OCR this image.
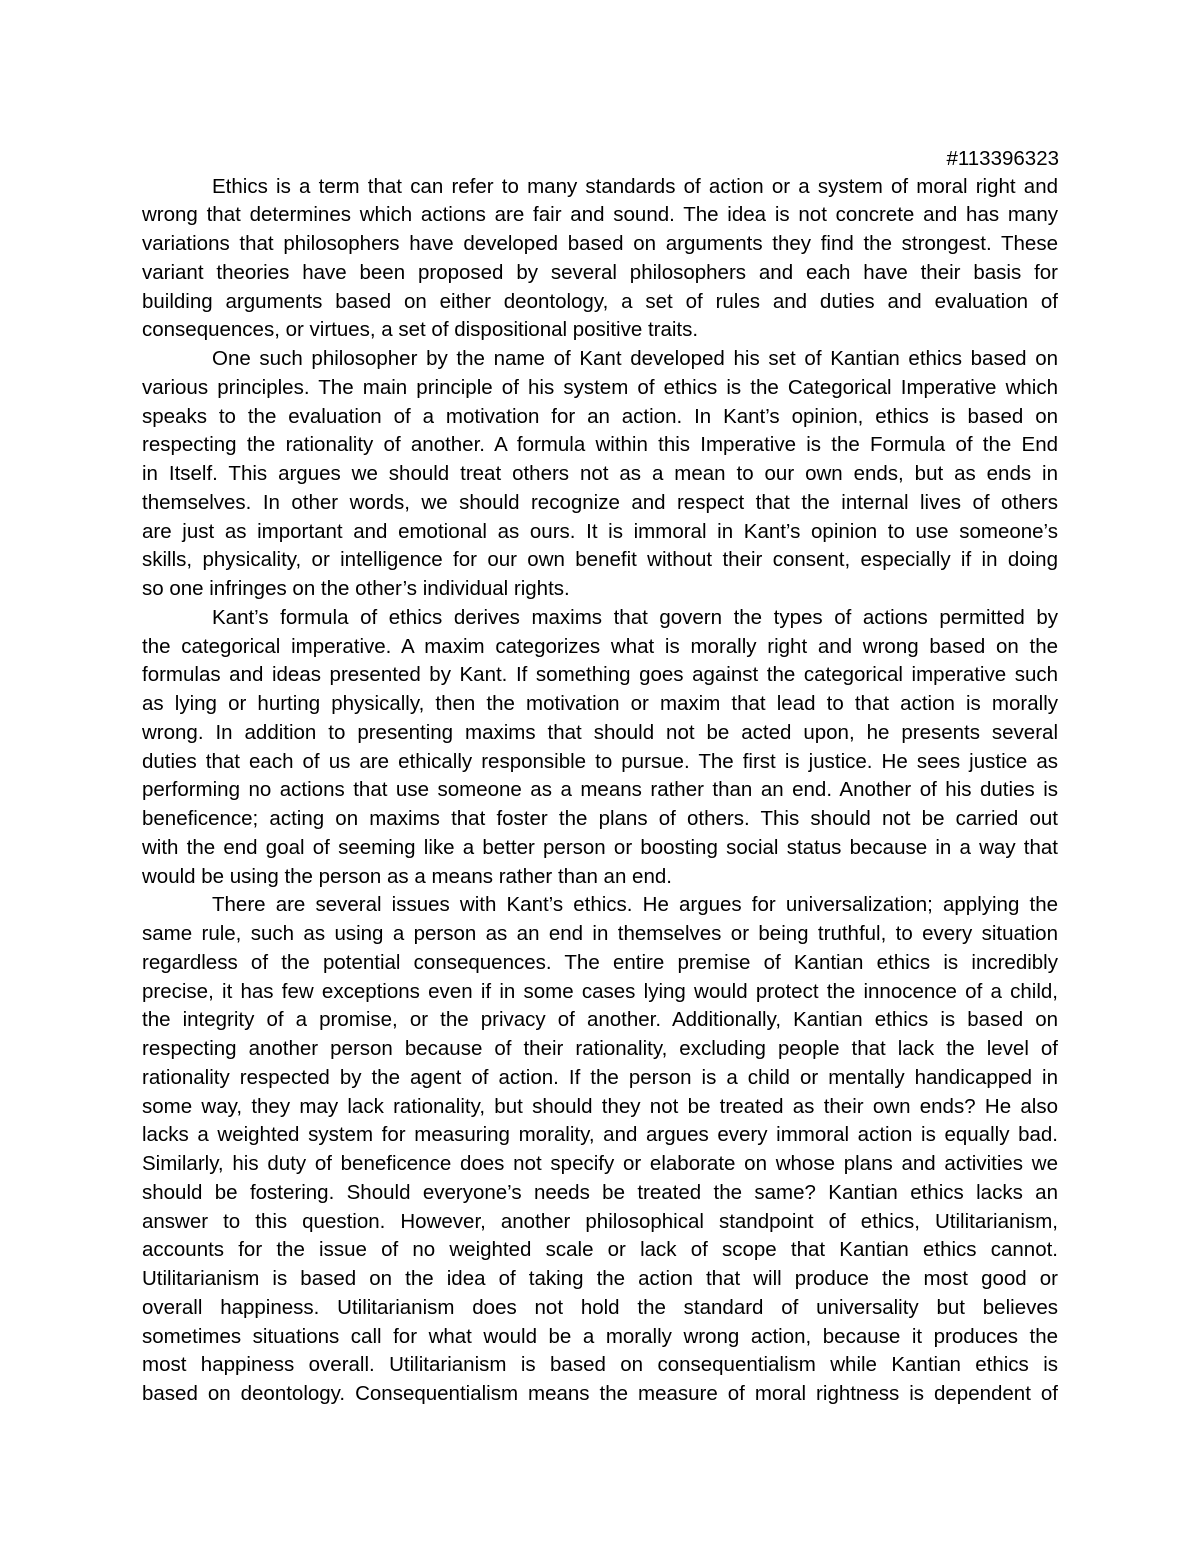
#113396323
Ethics is a term that can refer to many standards of action or a system of moral right and
wrong that determines which actions are fair and sound. The idea is not concrete and has many
variations that philosophers have developed based on arguments they find the strongest. These
variant theories have been proposed by several philosophers and each have their basis for
building arguments based on either deontology, a set of rules and duties and evaluation of
consequences, or virtues, a set of dispositional positive traits.
One such philosopher by the name of Kant developed his set of Kantian ethics based on
various principles. The main principle of his system of ethics is the Categorical Imperative which
speaks to the evaluation of a motivation for an action. In Kant’s opinion, ethics is based on
respecting the rationality of another. A formula within this Imperative is the Formula of the End
in Itself. This argues we should treat others not as a mean to our own ends, but as ends in
themselves. In other words, we should recognize and respect that the internal lives of others
are just as important and emotional as ours. It is immoral in Kant’s opinion to use someone’s
skills, physicality, or intelligence for our own benefit without their consent, especially if in doing
so one infringes on the other’s individual rights.
Kant’s formula of ethics derives maxims that govern the types of actions permitted by
the categorical imperative. A maxim categorizes what is morally right and wrong based on the
formulas and ideas presented by Kant. If something goes against the categorical imperative such
as lying or hurting physically, then the motivation or maxim that lead to that action is morally
wrong. In addition to presenting maxims that should not be acted upon, he presents several
duties that each of us are ethically responsible to pursue. The first is justice. He sees justice as
performing no actions that use someone as a means rather than an end. Another of his duties is
beneficence; acting on maxims that foster the plans of others. This should not be carried out
with the end goal of seeming like a better person or boosting social status because in a way that
would be using the person as a means rather than an end.
There are several issues with Kant’s ethics. He argues for universalization; applying the
same rule, such as using a person as an end in themselves or being truthful, to every situation
regardless of the potential consequences. The entire premise of Kantian ethics is incredibly
precise, it has few exceptions even if in some cases lying would protect the innocence of a child,
the integrity of a promise, or the privacy of another. Additionally, Kantian ethics is based on
respecting another person because of their rationality, excluding people that lack the level of
rationality respected by the agent of action. If the person is a child or mentally handicapped in
some way, they may lack rationality, but should they not be treated as their own ends? He also
lacks a weighted system for measuring morality, and argues every immoral action is equally bad.
Similarly, his duty of beneficence does not specify or elaborate on whose plans and activities we
should be fostering. Should everyone’s needs be treated the same? Kantian ethics lacks an
answer to this question. However, another philosophical standpoint of ethics, Utilitarianism,
accounts for the issue of no weighted scale or lack of scope that Kantian ethics cannot.
Utilitarianism is based on the idea of taking the action that will produce the most good or
overall happiness. Utilitarianism does not hold the standard of universality but believes
sometimes situations call for what would be a morally wrong action, because it produces the
most happiness overall. Utilitarianism is based on consequentialism while Kantian ethics is
based on deontology. Consequentialism means the measure of moral rightness is dependent of
